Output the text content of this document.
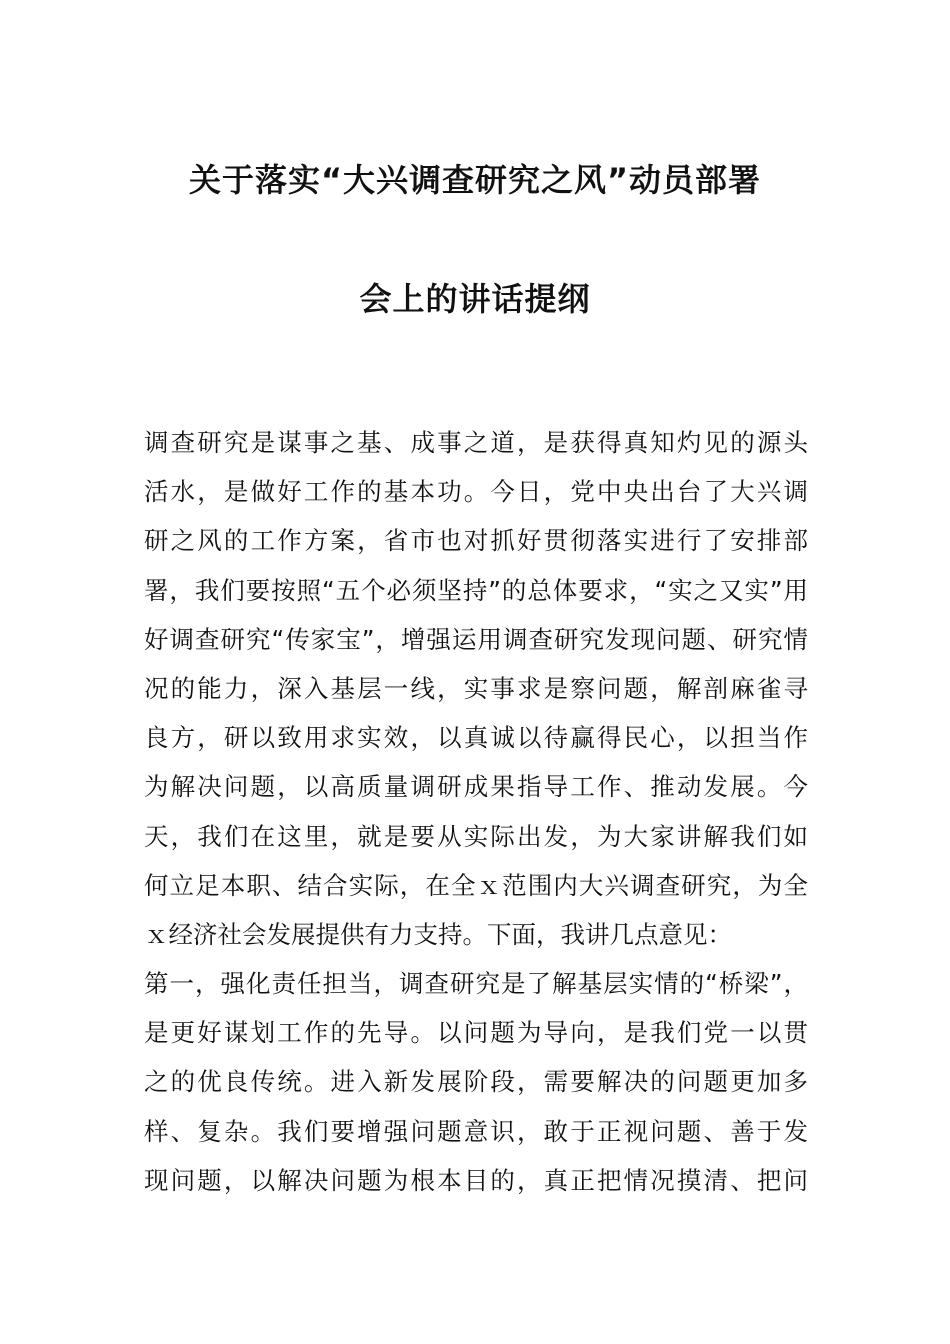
关于落实“大兴调查研究之风”动员部署
会上的讲话提纲
调查研究是谋事之基、成事之道，是获得真知灼见的源头
活水，是做好工作的基本功。今日，党中央出台了大兴调
研之风的工作方案，省市也对抓好贯彻落实进行了安排部
署，我们要按照“五个必须坚持”的总体要求，“实之又实”用
好调查研究“传家宝”，增强运用调查研究发现问题、研究情
况的能力，深入基层一线，实事求是察问题，解剖麻雀寻
良方，研以致用求实效，以真诚以待赢得民心，以担当作
为解决问题，以高质量调研成果指导工作、推动发展。今
天，我们在这里，就是要从实际出发，为大家讲解我们如
何立足本职、结合实际，在全ｘ范围内大兴调查研究，为全
ｘ经济社会发展提供有力支持。下面，我讲几点意见：
第一，强化责任担当，调查研究是了解基层实情的“桥梁”，
是更好谋划工作的先导。以问题为导向，是我们党一以贯
之的优良传统。进入新发展阶段，需要解决的问题更加多
样、复杂。我们要增强问题意识，敢于正视问题、善于发
现问题，以解决问题为根本目的，真正把情况摸清、把问
